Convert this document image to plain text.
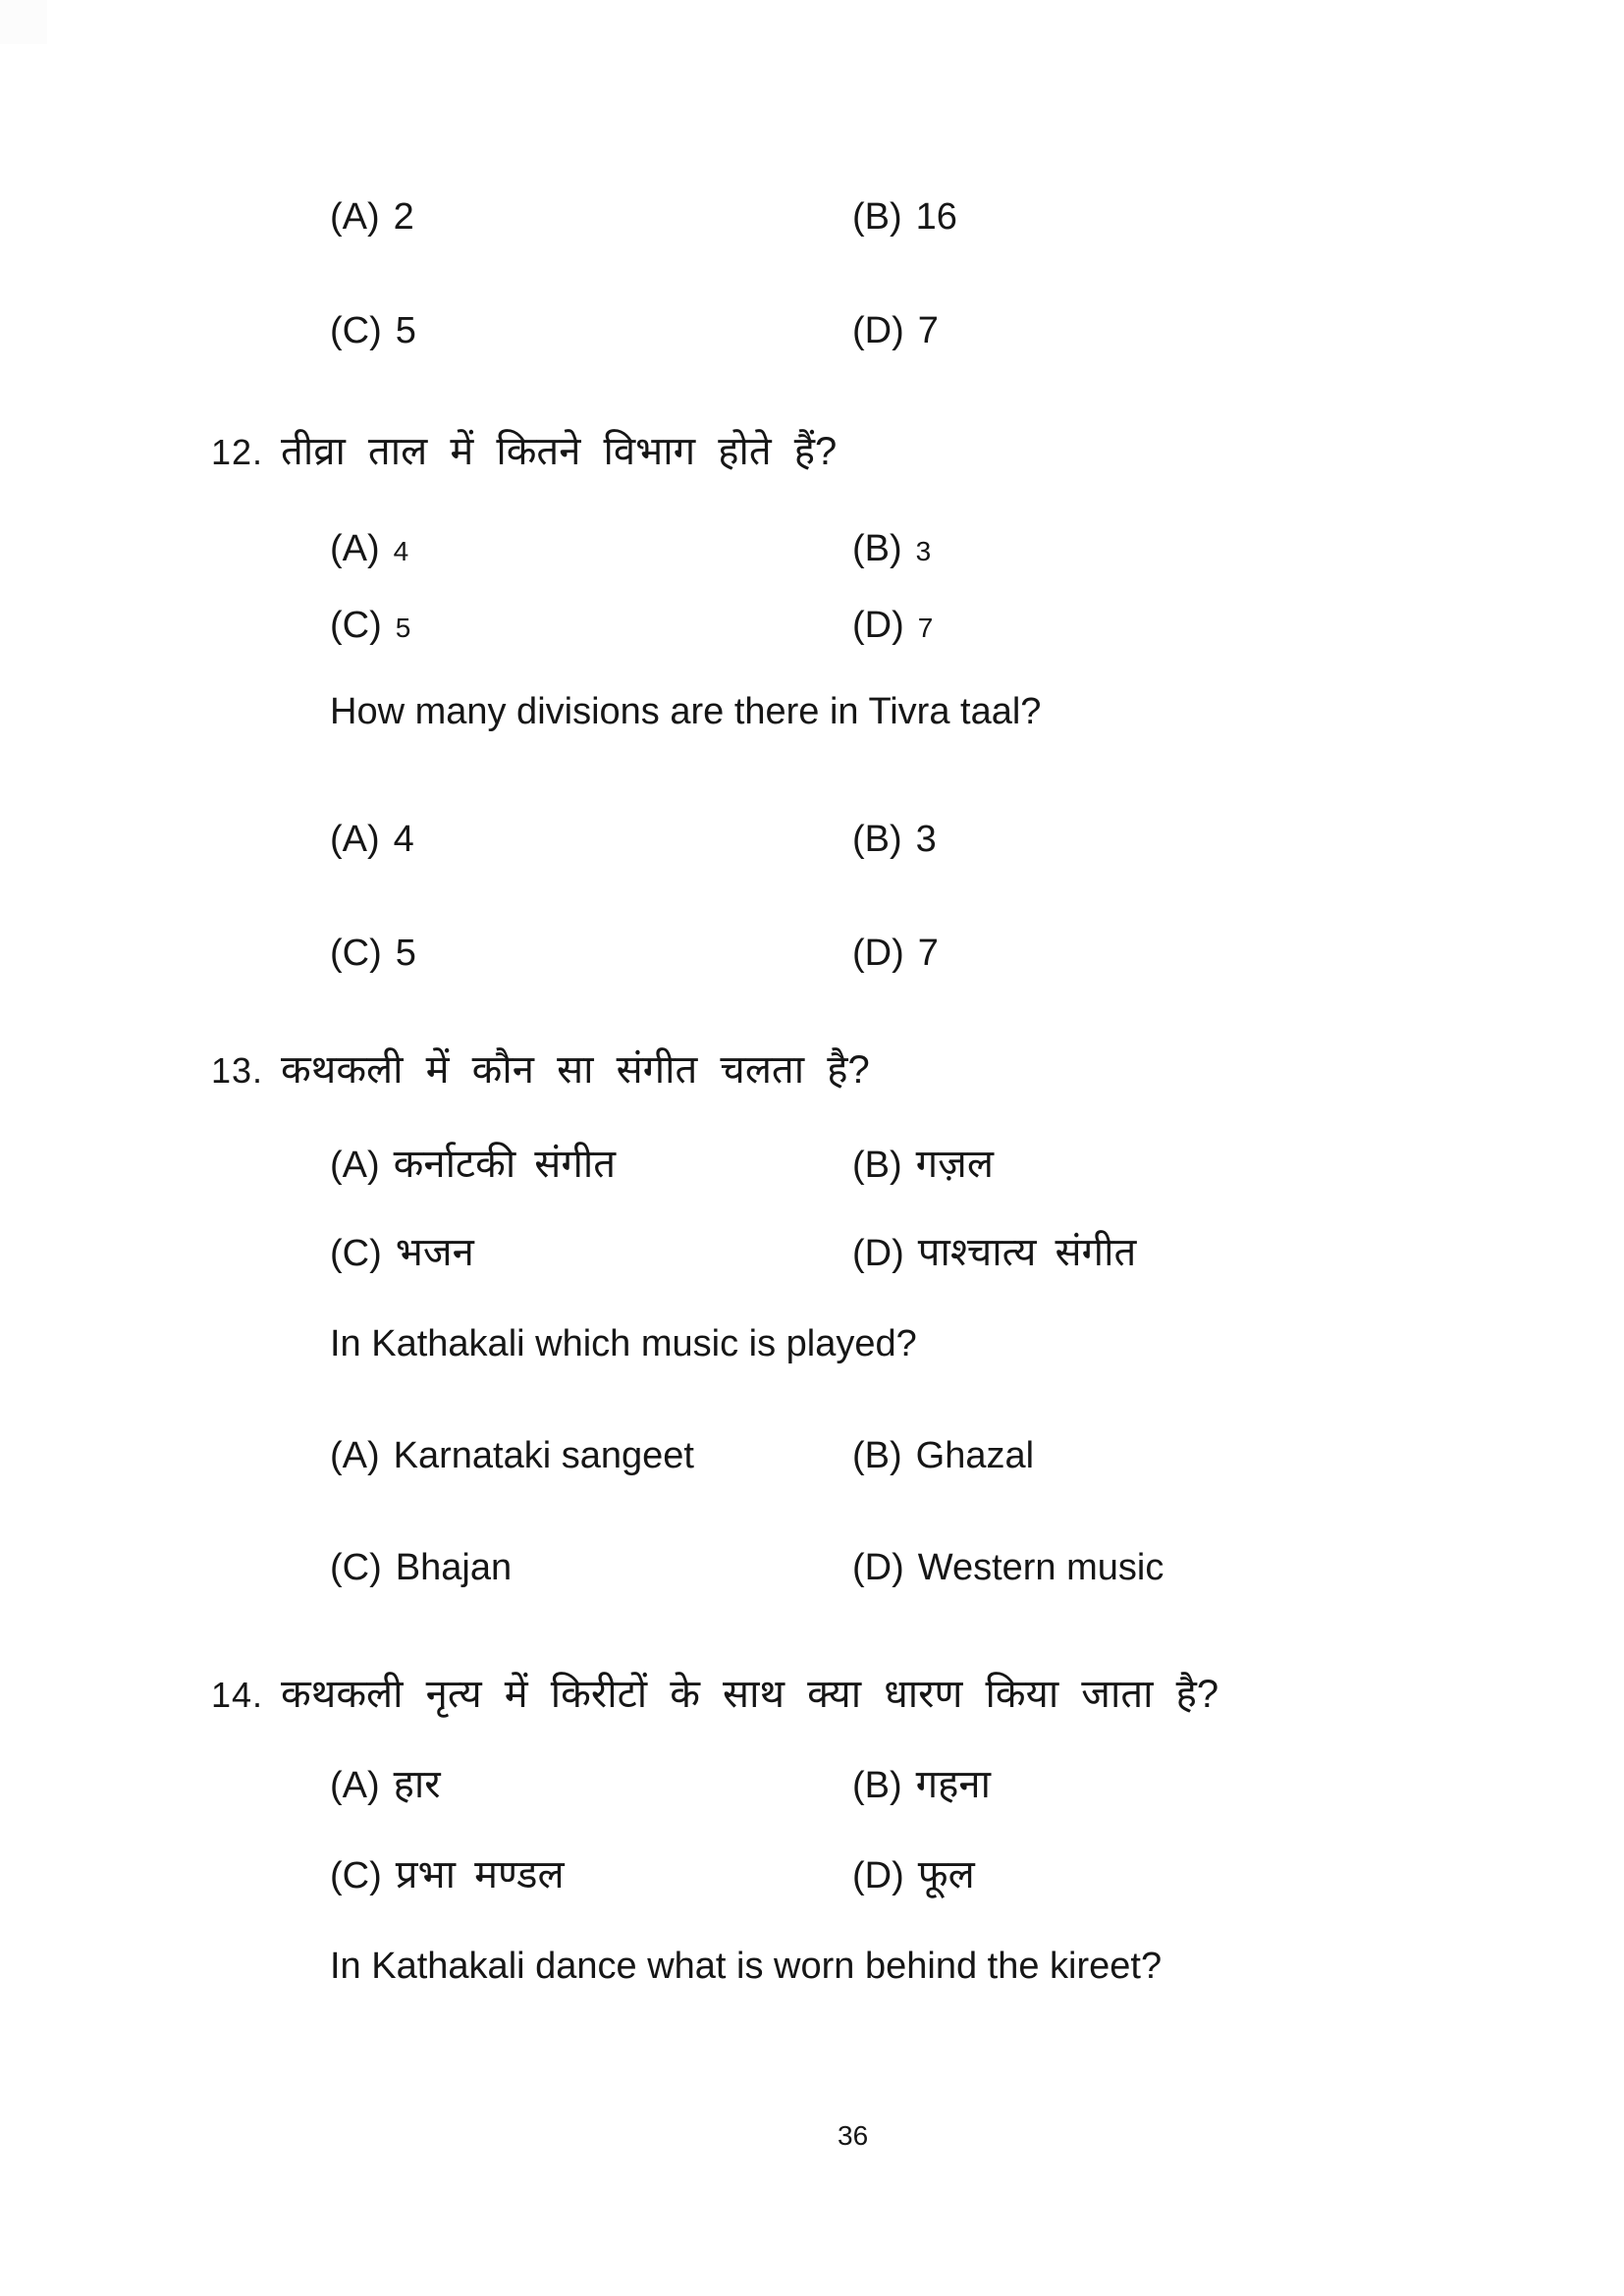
(A) 2	(B) 16
(C) 5	(D) 7
12. तीव्रा ताल में कितने विभाग होते हैं?
(A) 4	(B) 3
(C) 5	(D) 7
How many divisions are there in Tivra taal?
(A) 4	(B) 3
(C) 5	(D) 7
13. कथकली में कौन सा संगीत चलता है?
(A) कर्नाटकी संगीत	(B) गज़ल
(C) भजन	(D) पाश्चात्य संगीत
In Kathakali which music is played?
(A) Karnataki sangeet	(B) Ghazal
(C) Bhajan	(D) Western music
14. कथकली नृत्य में किरीटों के साथ क्या धारण किया जाता है?
(A) हार	(B) गहना
(C) प्रभा मण्डल	(D) फूल
In Kathakali dance what is worn behind the kireet?
36
